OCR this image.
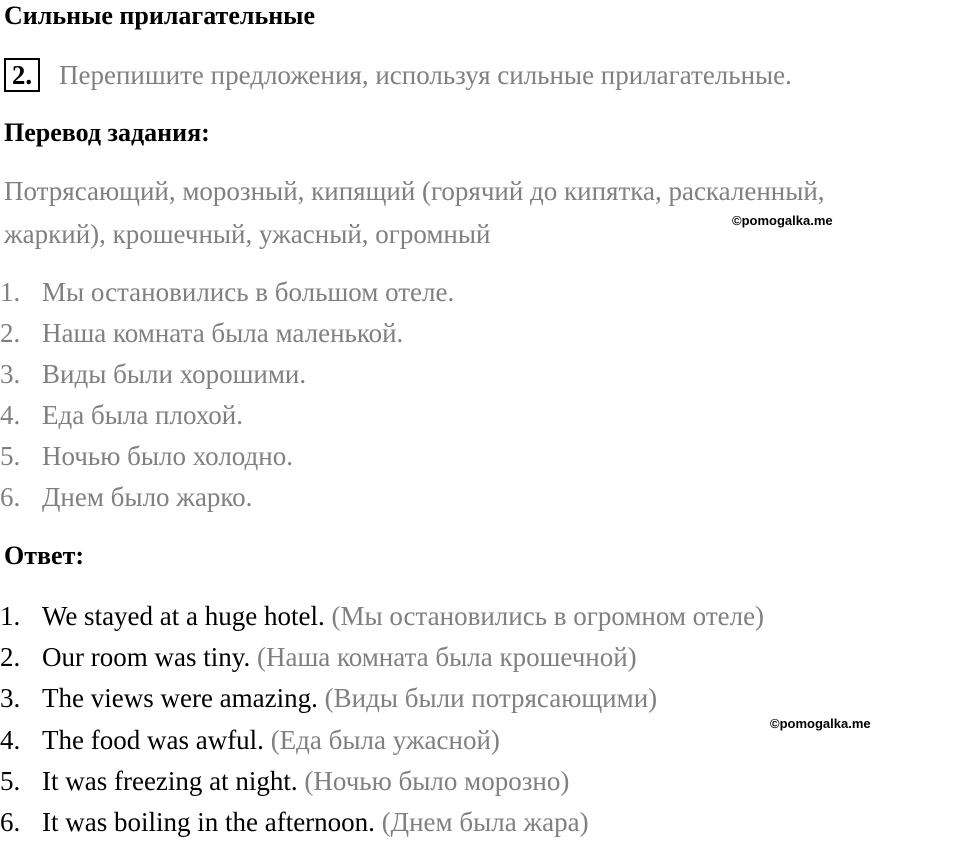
Сильные прилагательные
2. Перепишите предложения, используя сильные прилагательные.
Перевод задания:
Потрясающий, морозный, кипящий (горячий до кипятка, раскаленный,
жаркий), крошечный, ужасный, огромный	©pomogalka.me
1. Мы остановились в большом отеле.
2. Наша комната была маленькой.
3. Виды были хорошими.
4. Еда была плохой.
5. Ночью было холодно.
6. Днем было жарко.
Ответ:
1. We stayed at a huge hotel. (Мы остановились в огромном отеле)
2. Our room was tiny. (Наша комната была крошечной)
3. The views were amazing. (Виды были потрясающими)
4. The food was awful. (Еда была ужасной)
5. It was freezing at night. (Ночью было морозно)
6. It was boiling in the afternoon. (Днем была жара)
©pomogalka.me
